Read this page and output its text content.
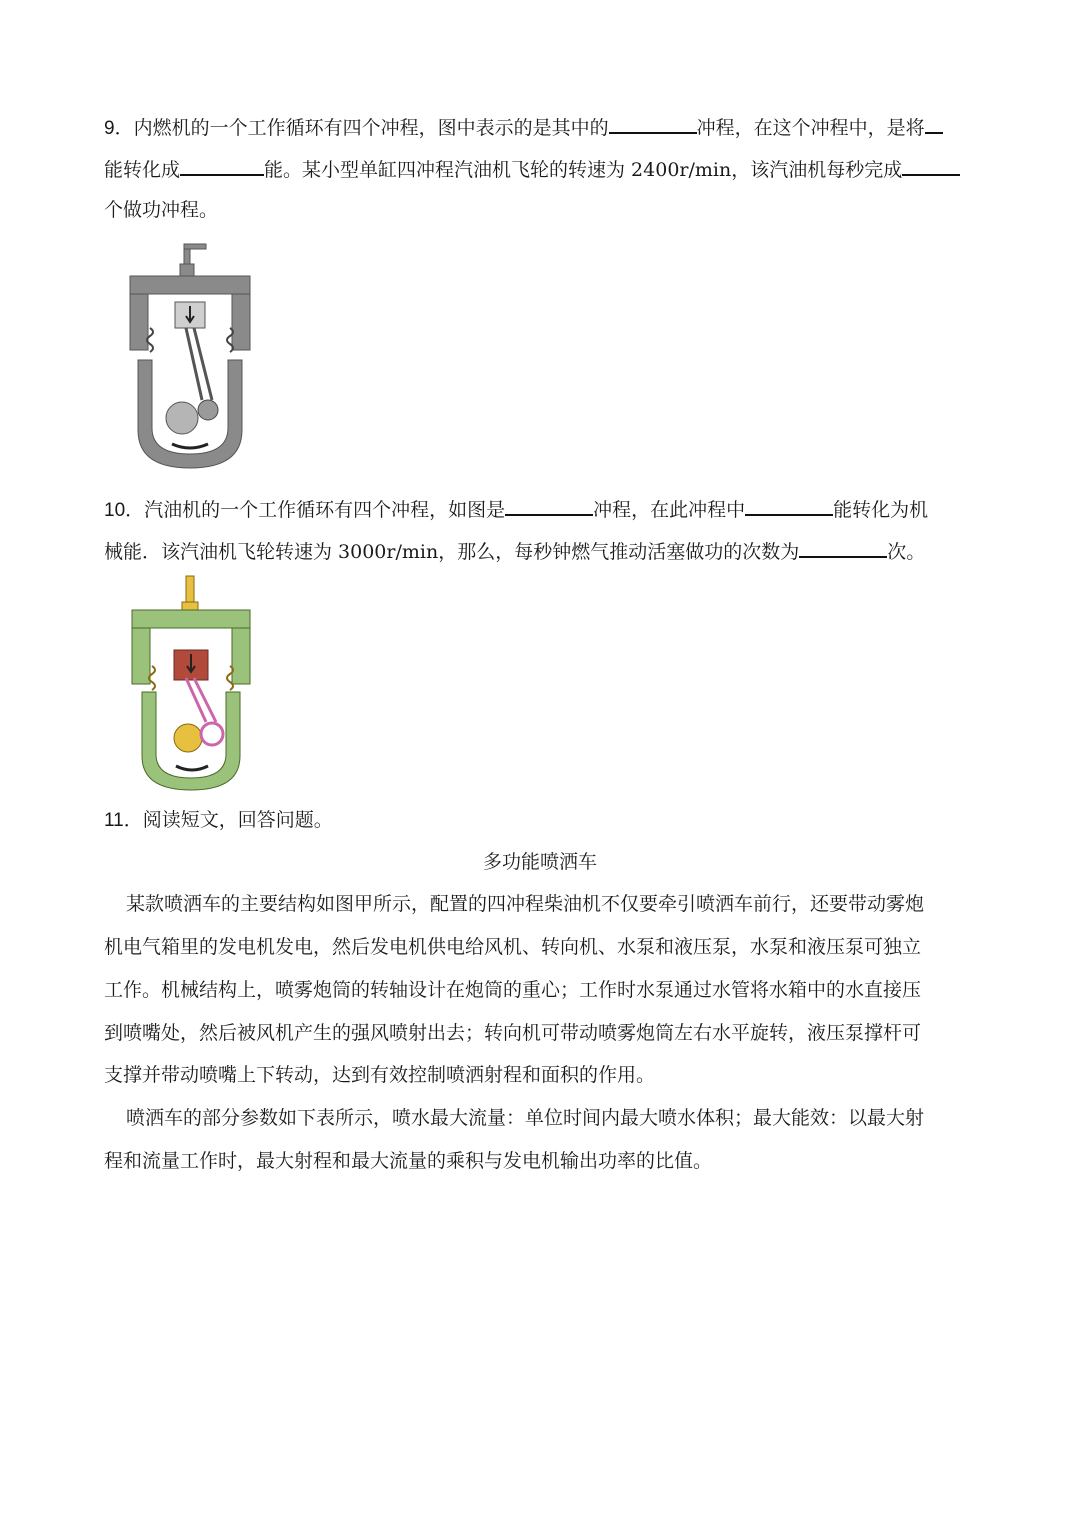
9．内燃机的一个工作循环有四个冲程，图中表示的是其中的	冲程，在这个冲程中，是将
能转化成	能。某小型单缸四冲程汽油机飞轮的转速为 2400r/min，该汽油机每秒完成
个做功冲程。
10．汽油机的一个工作循环有四个冲程，如图是	冲程，在此冲程中	能转化为机
械能．该汽油机飞轮转速为 3000r/min，那么，每秒钟燃气推动活塞做功的次数为	次。
11．阅读短文，回答问题。
多功能喷洒车
某款喷洒车的主要结构如图甲所示，配置的四冲程柴油机不仅要牵引喷洒车前行，还要带动雾炮
机电气箱里的发电机发电，然后发电机供电给风机、转向机、水泵和液压泵，水泵和液压泵可独立
工作。机械结构上，喷雾炮筒的转轴设计在炮筒的重心；工作时水泵通过水管将水箱中的水直接压
到喷嘴处，然后被风机产生的强风喷射出去；转向机可带动喷雾炮筒左右水平旋转，液压泵撑杆可
支撑并带动喷嘴上下转动，达到有效控制喷洒射程和面积的作用。
喷洒车的部分参数如下表所示，喷水最大流量：单位时间内最大喷水体积；最大能效：以最大射
程和流量工作时，最大射程和最大流量的乘积与发电机输出功率的比值。
